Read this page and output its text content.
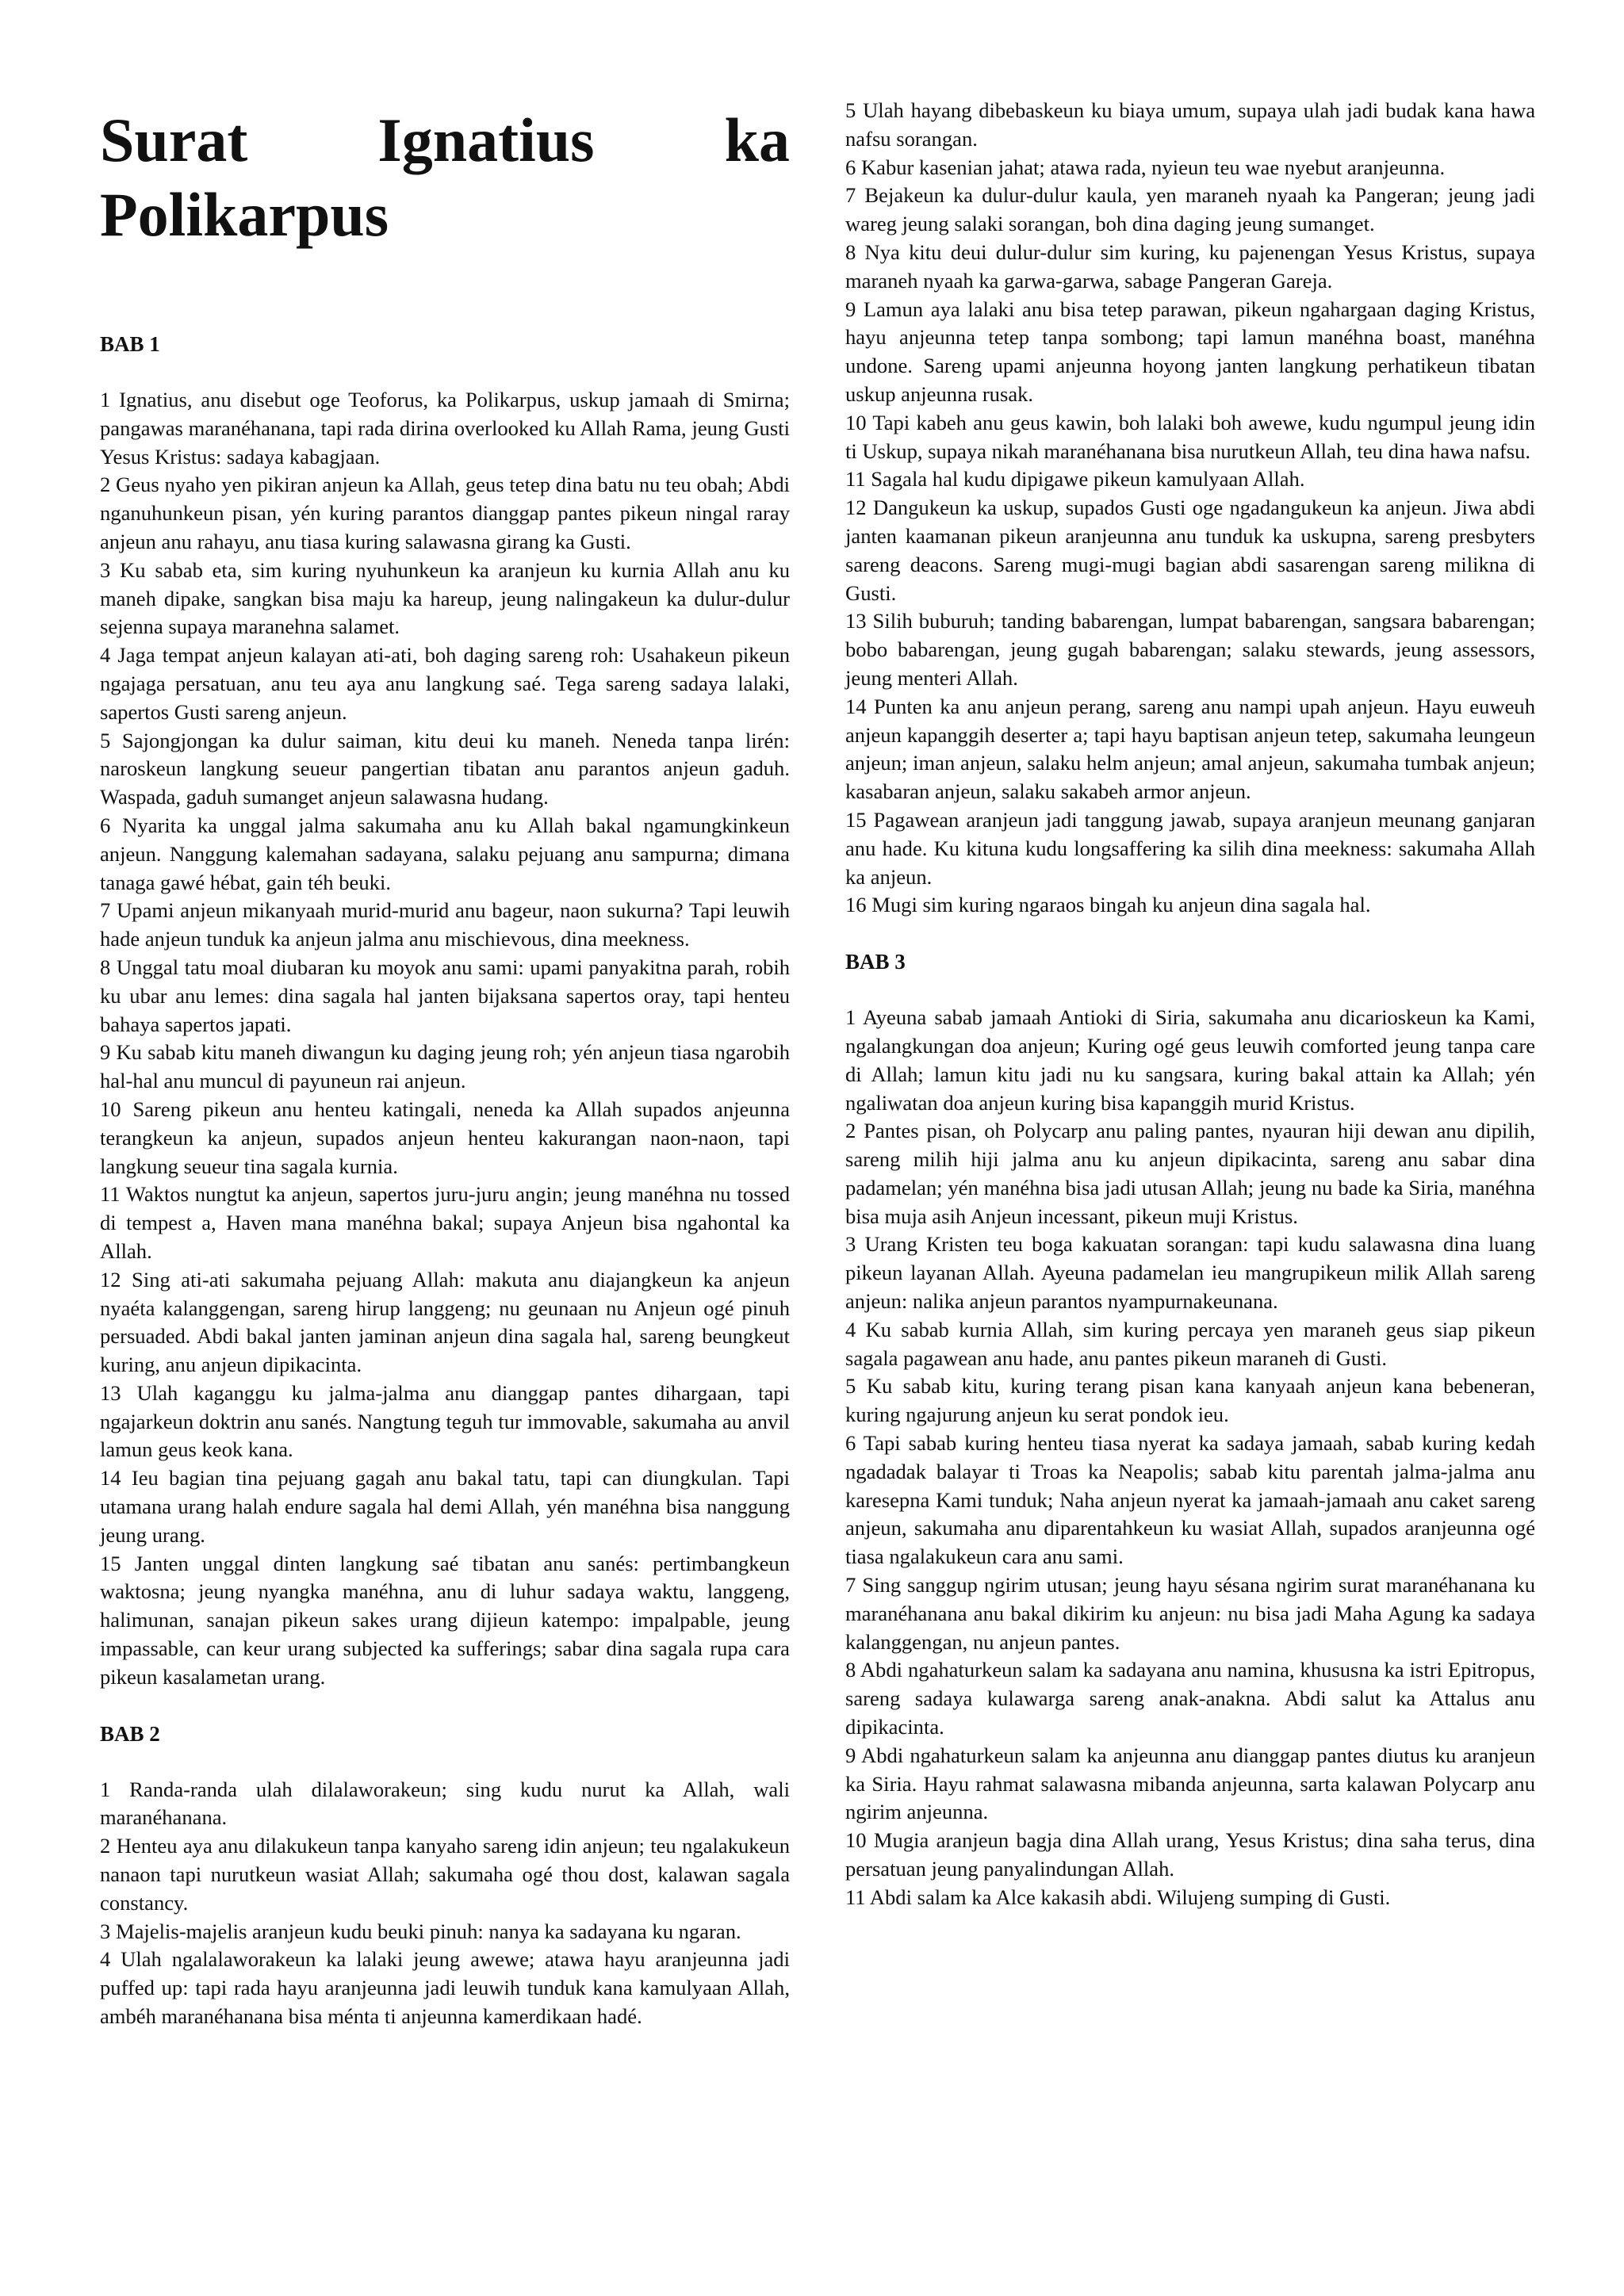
Surat Ignatius ka
Polikarpus

BAB 1

1 Ignatius, anu disebut oge Teoforus, ka Polikarpus, uskup jamaah di Smirna; pangawas maranéhanana, tapi rada dirina overlooked ku Allah Rama, jeung Gusti Yesus Kristus: sadaya kabagjaan.

2 Geus nyaho yen pikiran anjeun ka Allah, geus tetep dina batu nu teu obah; Abdi nganuhunkeun pisan, yén kuring parantos dianggap pantes pikeun ningal raray anjeun anu rahayu, anu tiasa kuring salawasna girang ka Gusti.

3 Ku sabab eta, sim kuring nyuhunkeun ka aranjeun ku kurnia Allah anu ku maneh dipake, sangkan bisa maju ka hareup, jeung nalingakeun ka dulur-dulur sejenna supaya maranehna salamet.

4 Jaga tempat anjeun kalayan ati-ati, boh daging sareng roh: Usahakeun pikeun ngajaga persatuan, anu teu aya anu langkung saé. Tega sareng sadaya lalaki, sapertos Gusti sareng anjeun.

5 Sajongjongan ka dulur saiman, kitu deui ku maneh. Neneda tanpa lirén: naroskeun langkung seueur pangertian tibatan anu parantos anjeun gaduh. Waspada, gaduh sumanget anjeun salawasna hudang.

6 Nyarita ka unggal jalma sakumaha anu ku Allah bakal ngamungkinkeun anjeun. Nanggung kalemahan sadayana, salaku pejuang anu sampurna; dimana tanaga gawé hébat, gain téh beuki.

7 Upami anjeun mikanyaah murid-murid anu bageur, naon sukurna? Tapi leuwih hade anjeun tunduk ka anjeun jalma anu mischievous, dina meekness.

8 Unggal tatu moal diubaran ku moyok anu sami: upami panyakitna parah, robih ku ubar anu lemes: dina sagala hal janten bijaksana sapertos oray, tapi henteu bahaya sapertos japati.

9 Ku sabab kitu maneh diwangun ku daging jeung roh; yén anjeun tiasa ngarobih hal-hal anu muncul di payuneun rai anjeun.

10 Sareng pikeun anu henteu katingali, neneda ka Allah supados anjeunna terangkeun ka anjeun, supados anjeun henteu kakurangan naon-naon, tapi langkung seueur tina sagala kurnia.

11 Waktos nungtut ka anjeun, sapertos juru-juru angin; jeung manéhna nu tossed di tempest a, Haven mana manéhna bakal; supaya Anjeun bisa ngahontal ka Allah.

12 Sing ati-ati sakumaha pejuang Allah: makuta anu diajangkeun ka anjeun nyaéta kalanggengan, sareng hirup langgeng; nu geunaan nu Anjeun ogé pinuh persuaded. Abdi bakal janten jaminan anjeun dina sagala hal, sareng beungkeut kuring, anu anjeun dipikacinta.

13 Ulah kaganggu ku jalma-jalma anu dianggap pantes dihargaan, tapi ngajarkeun doktrin anu sanés. Nangtung teguh tur immovable, sakumaha au anvil lamun geus keok kana.

14 Ieu bagian tina pejuang gagah anu bakal tatu, tapi can diungkulan. Tapi utamana urang halah endure sagala hal demi Allah, yén manéhna bisa nanggung jeung urang.

15 Janten unggal dinten langkung saé tibatan anu sanés: pertimbangkeun waktosna; jeung nyangka manéhna, anu di luhur sadaya waktu, langgeng, halimunan, sanajan pikeun sakes urang dijieun katempo: impalpable, jeung impassable, can keur urang subjected ka sufferings; sabar dina sagala rupa cara pikeun kasalametan urang.

BAB 2

1 Randa-randa ulah dilalaworakeun; sing kudu nurut ka Allah, wali maranéhanana.

2 Henteu aya anu dilakukeun tanpa kanyaho sareng idin anjeun; teu ngalakukeun nanaon tapi nurutkeun wasiat Allah; sakumaha ogé thou dost, kalawan sagala constancy.

3 Majelis-majelis aranjeun kudu beuki pinuh: nanya ka sadayana ku ngaran.

4 Ulah ngalalaworakeun ka lalaki jeung awewe; atawa hayu aranjeunna jadi puffed up: tapi rada hayu aranjeunna jadi leuwih tunduk kana kamulyaan Allah, ambéh maranéhanana bisa ménta ti anjeunna kamerdikaan hadé.

5 Ulah hayang dibebaskeun ku biaya umum, supaya ulah jadi budak kana hawa nafsu sorangan.

6 Kabur kasenian jahat; atawa rada, nyieun teu wae nyebut aranjeunna.

7 Bejakeun ka dulur-dulur kaula, yen maraneh nyaah ka Pangeran; jeung jadi wareg jeung salaki sorangan, boh dina daging jeung sumanget.

8 Nya kitu deui dulur-dulur sim kuring, ku pajenengan Yesus Kristus, supaya maraneh nyaah ka garwa-garwa, sabage Pangeran Gareja.

9 Lamun aya lalaki anu bisa tetep parawan, pikeun ngahargaan daging Kristus, hayu anjeunna tetep tanpa sombong; tapi lamun manéhna boast, manéhna undone. Sareng upami anjeunna hoyong janten langkung perhatikeun tibatan uskup anjeunna rusak.

10 Tapi kabeh anu geus kawin, boh lalaki boh awewe, kudu ngumpul jeung idin ti Uskup, supaya nikah maranéhanana bisa nurutkeun Allah, teu dina hawa nafsu.

11 Sagala hal kudu dipigawe pikeun kamulyaan Allah.

12 Dangukeun ka uskup, supados Gusti oge ngadangukeun ka anjeun. Jiwa abdi janten kaamanan pikeun aranjeunna anu tunduk ka uskupna, sareng presbyters sareng deacons. Sareng mugi-mugi bagian abdi sasarengan sareng milikna di Gusti.

13 Silih buburuh; tanding babarengan, lumpat babarengan, sangsara babarengan; bobo babarengan, jeung gugah babarengan; salaku stewards, jeung assessors, jeung menteri Allah.

14 Punten ka anu anjeun perang, sareng anu nampi upah anjeun. Hayu euweuh anjeun kapanggih deserter a; tapi hayu baptisan anjeun tetep, sakumaha leungeun anjeun; iman anjeun, salaku helm anjeun; amal anjeun, sakumaha tumbak anjeun; kasabaran anjeun, salaku sakabeh armor anjeun.

15 Pagawean aranjeun jadi tanggung jawab, supaya aranjeun meunang ganjaran anu hade. Ku kituna kudu longsaffering ka silih dina meekness: sakumaha Allah ka anjeun.

16 Mugi sim kuring ngaraos bingah ku anjeun dina sagala hal.

BAB 3

1 Ayeuna sabab jamaah Antioki di Siria, sakumaha anu dicarioskeun ka Kami, ngalangkungan doa anjeun; Kuring ogé geus leuwih comforted jeung tanpa care di Allah; lamun kitu jadi nu ku sangsara, kuring bakal attain ka Allah; yén ngaliwatan doa anjeun kuring bisa kapanggih murid Kristus.

2 Pantes pisan, oh Polycarp anu paling pantes, nyauran hiji dewan anu dipilih, sareng milih hiji jalma anu ku anjeun dipikacinta, sareng anu sabar dina padamelan; yén manéhna bisa jadi utusan Allah; jeung nu bade ka Siria, manéhna bisa muja asih Anjeun incessant, pikeun muji Kristus.

3 Urang Kristen teu boga kakuatan sorangan: tapi kudu salawasna dina luang pikeun layanan Allah. Ayeuna padamelan ieu mangrupikeun milik Allah sareng anjeun: nalika anjeun parantos nyampurnakeunana.

4 Ku sabab kurnia Allah, sim kuring percaya yen maraneh geus siap pikeun sagala pagawean anu hade, anu pantes pikeun maraneh di Gusti.

5 Ku sabab kitu, kuring terang pisan kana kanyaah anjeun kana bebeneran, kuring ngajurung anjeun ku serat pondok ieu.

6 Tapi sabab kuring henteu tiasa nyerat ka sadaya jamaah, sabab kuring kedah ngadadak balayar ti Troas ka Neapolis; sabab kitu parentah jalma-jalma anu karesepna Kami tunduk; Naha anjeun nyerat ka jamaah-jamaah anu caket sareng anjeun, sakumaha anu diparentahkeun ku wasiat Allah, supados aranjeunna ogé tiasa ngalakukeun cara anu sami.

7 Sing sanggup ngirim utusan; jeung hayu sésana ngirim surat maranéhanana ku maranéhanana anu bakal dikirim ku anjeun: nu bisa jadi Maha Agung ka sadaya kalanggengan, nu anjeun pantes.

8 Abdi ngahaturkeun salam ka sadayana anu namina, khususna ka istri Epitropus, sareng sadaya kulawarga sareng anak-anakna. Abdi salut ka Attalus anu dipikacinta.

9 Abdi ngahaturkeun salam ka anjeunna anu dianggap pantes diutus ku aranjeun ka Siria. Hayu rahmat salawasna mibanda anjeunna, sarta kalawan Polycarp anu ngirim anjeunna.

10 Mugia aranjeun bagja dina Allah urang, Yesus Kristus; dina saha terus, dina persatuan jeung panyalindungan Allah.

11 Abdi salam ka Alce kakasih abdi. Wilujeng sumping di Gusti.
